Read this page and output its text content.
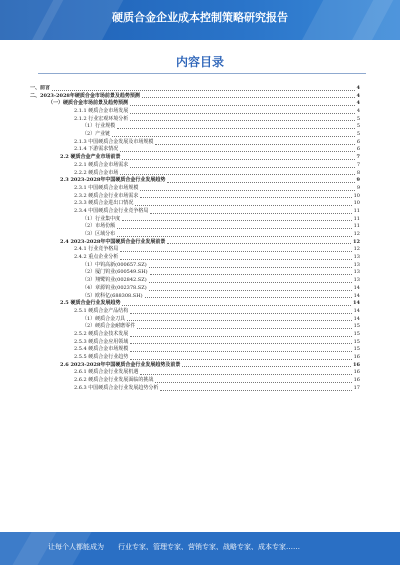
硬质合金企业成本控制策略研究报告
内容目录
一、前言	4
二、2023-2028年硬质合金市场前景及趋势预测	4
（一）硬质合金市场前景及趋势预测	4
2.1.1 硬质合金市场发展	4
2.1.2 行业宏观环境分析	5
（1）行业规模	5
（2）产业链	5
2.1.3 中国硬质合金发展及市场规模	6
2.1.4 下游需求情况	6
2.2 硬质合金产业市场前景	7
2.2.1 硬质合金市场需求	7
2.2.2 硬质合金市场	8
2.3 2023-2028年中国硬质合金行业发展趋势	9
2.3.1 中国硬质合金市场规模	9
2.3.2 硬质合金行业市场需求	10
2.3.3 硬质合金进出口情况	10
2.3.4 中国硬质合金行业竞争格局	11
（1）行业集中度	11
（2）市场份额	11
（3）区域分布	12
2.4 2023-2028年中国硬质合金行业发展前景	12
2.4.1 行业竞争格局	12
2.4.2 重点企业分析	13
（1）中钨高新(000657.SZ)	13
（2）厦门钨业(600549.SH)	13
（3）翔鹭钨业(002842.SZ)	13
（4）章源钨业(002378.SZ)	14
（5）欧科亿(688308.SH)	14
2.5 硬质合金行业发展趋势	14
2.5.1 硬质合金产品结构	14
（1）硬质合金刀具	14
（2）硬质合金耐磨零件	15
2.5.2 硬质合金技术发展	15
2.5.3 硬质合金应用领域	15
2.5.4 硬质合金市场规模	15
2.5.5 硬质合金行业趋势	16
2.6 2023-2028年中国硬质合金行业发展趋势及前景	16
2.6.1 硬质合金行业发展机遇	16
2.6.2 硬质合金行业发展面临的挑战	16
2.6.3 中国硬质合金行业发展趋势分析	17
让每个人都能成为 行业专家、管理专家、营销专家、战略专家、成本专家……
